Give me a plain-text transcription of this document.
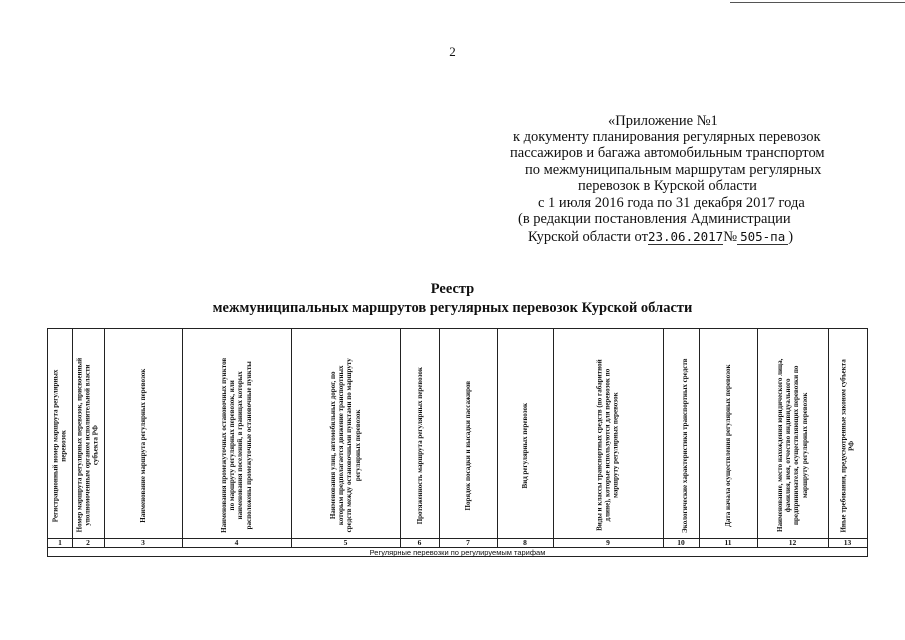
2
«Приложение №1
к документу планирования регулярных перевозок
пассажиров и багажа автомобильным транспортом
по межмуниципальным маршрутам регулярных
перевозок в Курской области
с 1 июля 2016 года по 31 декабря 2017 года
(в редакции постановления Администрации
Курской области от23.06.2017№ 505-па )
Реестр
межмуниципальных маршрутов регулярных перевозок Курской области
Регулярные перевозки по регулируемым тарифам
Регистрационный номер маршрута регулярных перевозок
1
Номер маршрута регулярных перевозок, присвоенный уполномоченным органом исполнительной власти субъекта РФ
2
Наименование маршрута регулярных перевозок
3
Наименования промежуточных остановочных пунктов по маршруту регулярных перевозок, или наименования поселений, в границах которых расположены промежуточные остановочные пункты
4
Наименования улиц, автомобильных дорог, по которым предполагается движение транспортных средств между остановочными пунктами по маршруту регулярных перевозок
5
Протяженность маршрута регулярных перевозок
6
Порядок посадки и высадки пассажиров
7
Вид регулярных перевозок
8
Виды и классы транспортных средств (по габаритной длине), которые используются для перевозок по маршруту регулярных перевозок
9
Экологические характеристики транспортных средств
10
Дата начала осуществления регулярных перевозок
11
Наименование, место нахождения юридического лица, фамилия, имя, отчество индивидуального предпринимателя, осуществляющих перевозки по маршруту регулярных перевозок
12
Иные требования, предусмотренные законом субъекта РФ
13
